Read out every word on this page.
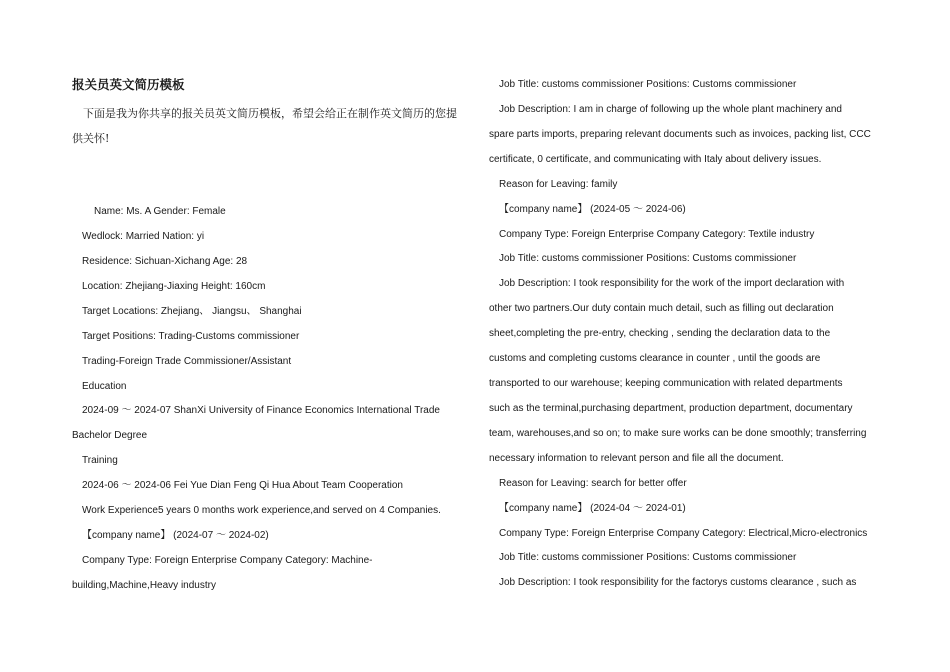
报关员英文简历模板
下面是我为你共享的报关员英文简历模板，希望会给正在制作英文简历的您提供关怀!
Name: Ms. A Gender: Female
Wedlock: Married Nation: yi
Residence: Sichuan-Xichang Age: 28
Location: Zhejiang-Jiaxing Height: 160cm
Target Locations: Zhejiang、 Jiangsu、 Shanghai
Target Positions: Trading-Customs commissioner
Trading-Foreign Trade Commissioner/Assistant
Education
2024-09 ～ 2024-07 ShanXi University of Finance Economics International Trade
Bachelor Degree
Training
2024-06 ～ 2024-06 Fei Yue Dian Feng Qi Hua About Team Cooperation
Work Experience5 years 0 months work experience,and served on 4 Companies.
【company name】 (2024-07 ～ 2024-02)
Company Type: Foreign Enterprise Company Category: Machine-
building,Machine,Heavy industry
Job Title: customs commissioner Positions: Customs commissioner
Job Description: I am in charge of following up the whole plant machinery and
spare parts imports, preparing relevant documents such as invoices, packing list, CCC
certificate, 0 certificate, and communicating with Italy about delivery issues.
Reason for Leaving: family
【company name】 (2024-05 ～ 2024-06)
Company Type: Foreign Enterprise Company Category: Textile industry
Job Title: customs commissioner Positions: Customs commissioner
Job Description: I took responsibility for the work of the import declaration with
other two partners.Our duty contain much detail, such as filling out declaration
sheet,completing the pre-entry, checking , sending the declaration data to the
customs and completing customs clearance in counter , until the goods are
transported to our warehouse; keeping communication with related departments
such as the terminal,purchasing department, production department, documentary
team, warehouses,and so on; to make sure works can be done smoothly; transferring
necessary information to relevant person and file all the document.
Reason for Leaving: search for better offer
【company name】 (2024-04 ～ 2024-01)
Company Type: Foreign Enterprise Company Category: Electrical,Micro-electronics
Job Title: customs commissioner Positions: Customs commissioner
Job Description: I took responsibility for the factorys customs clearance , such as
